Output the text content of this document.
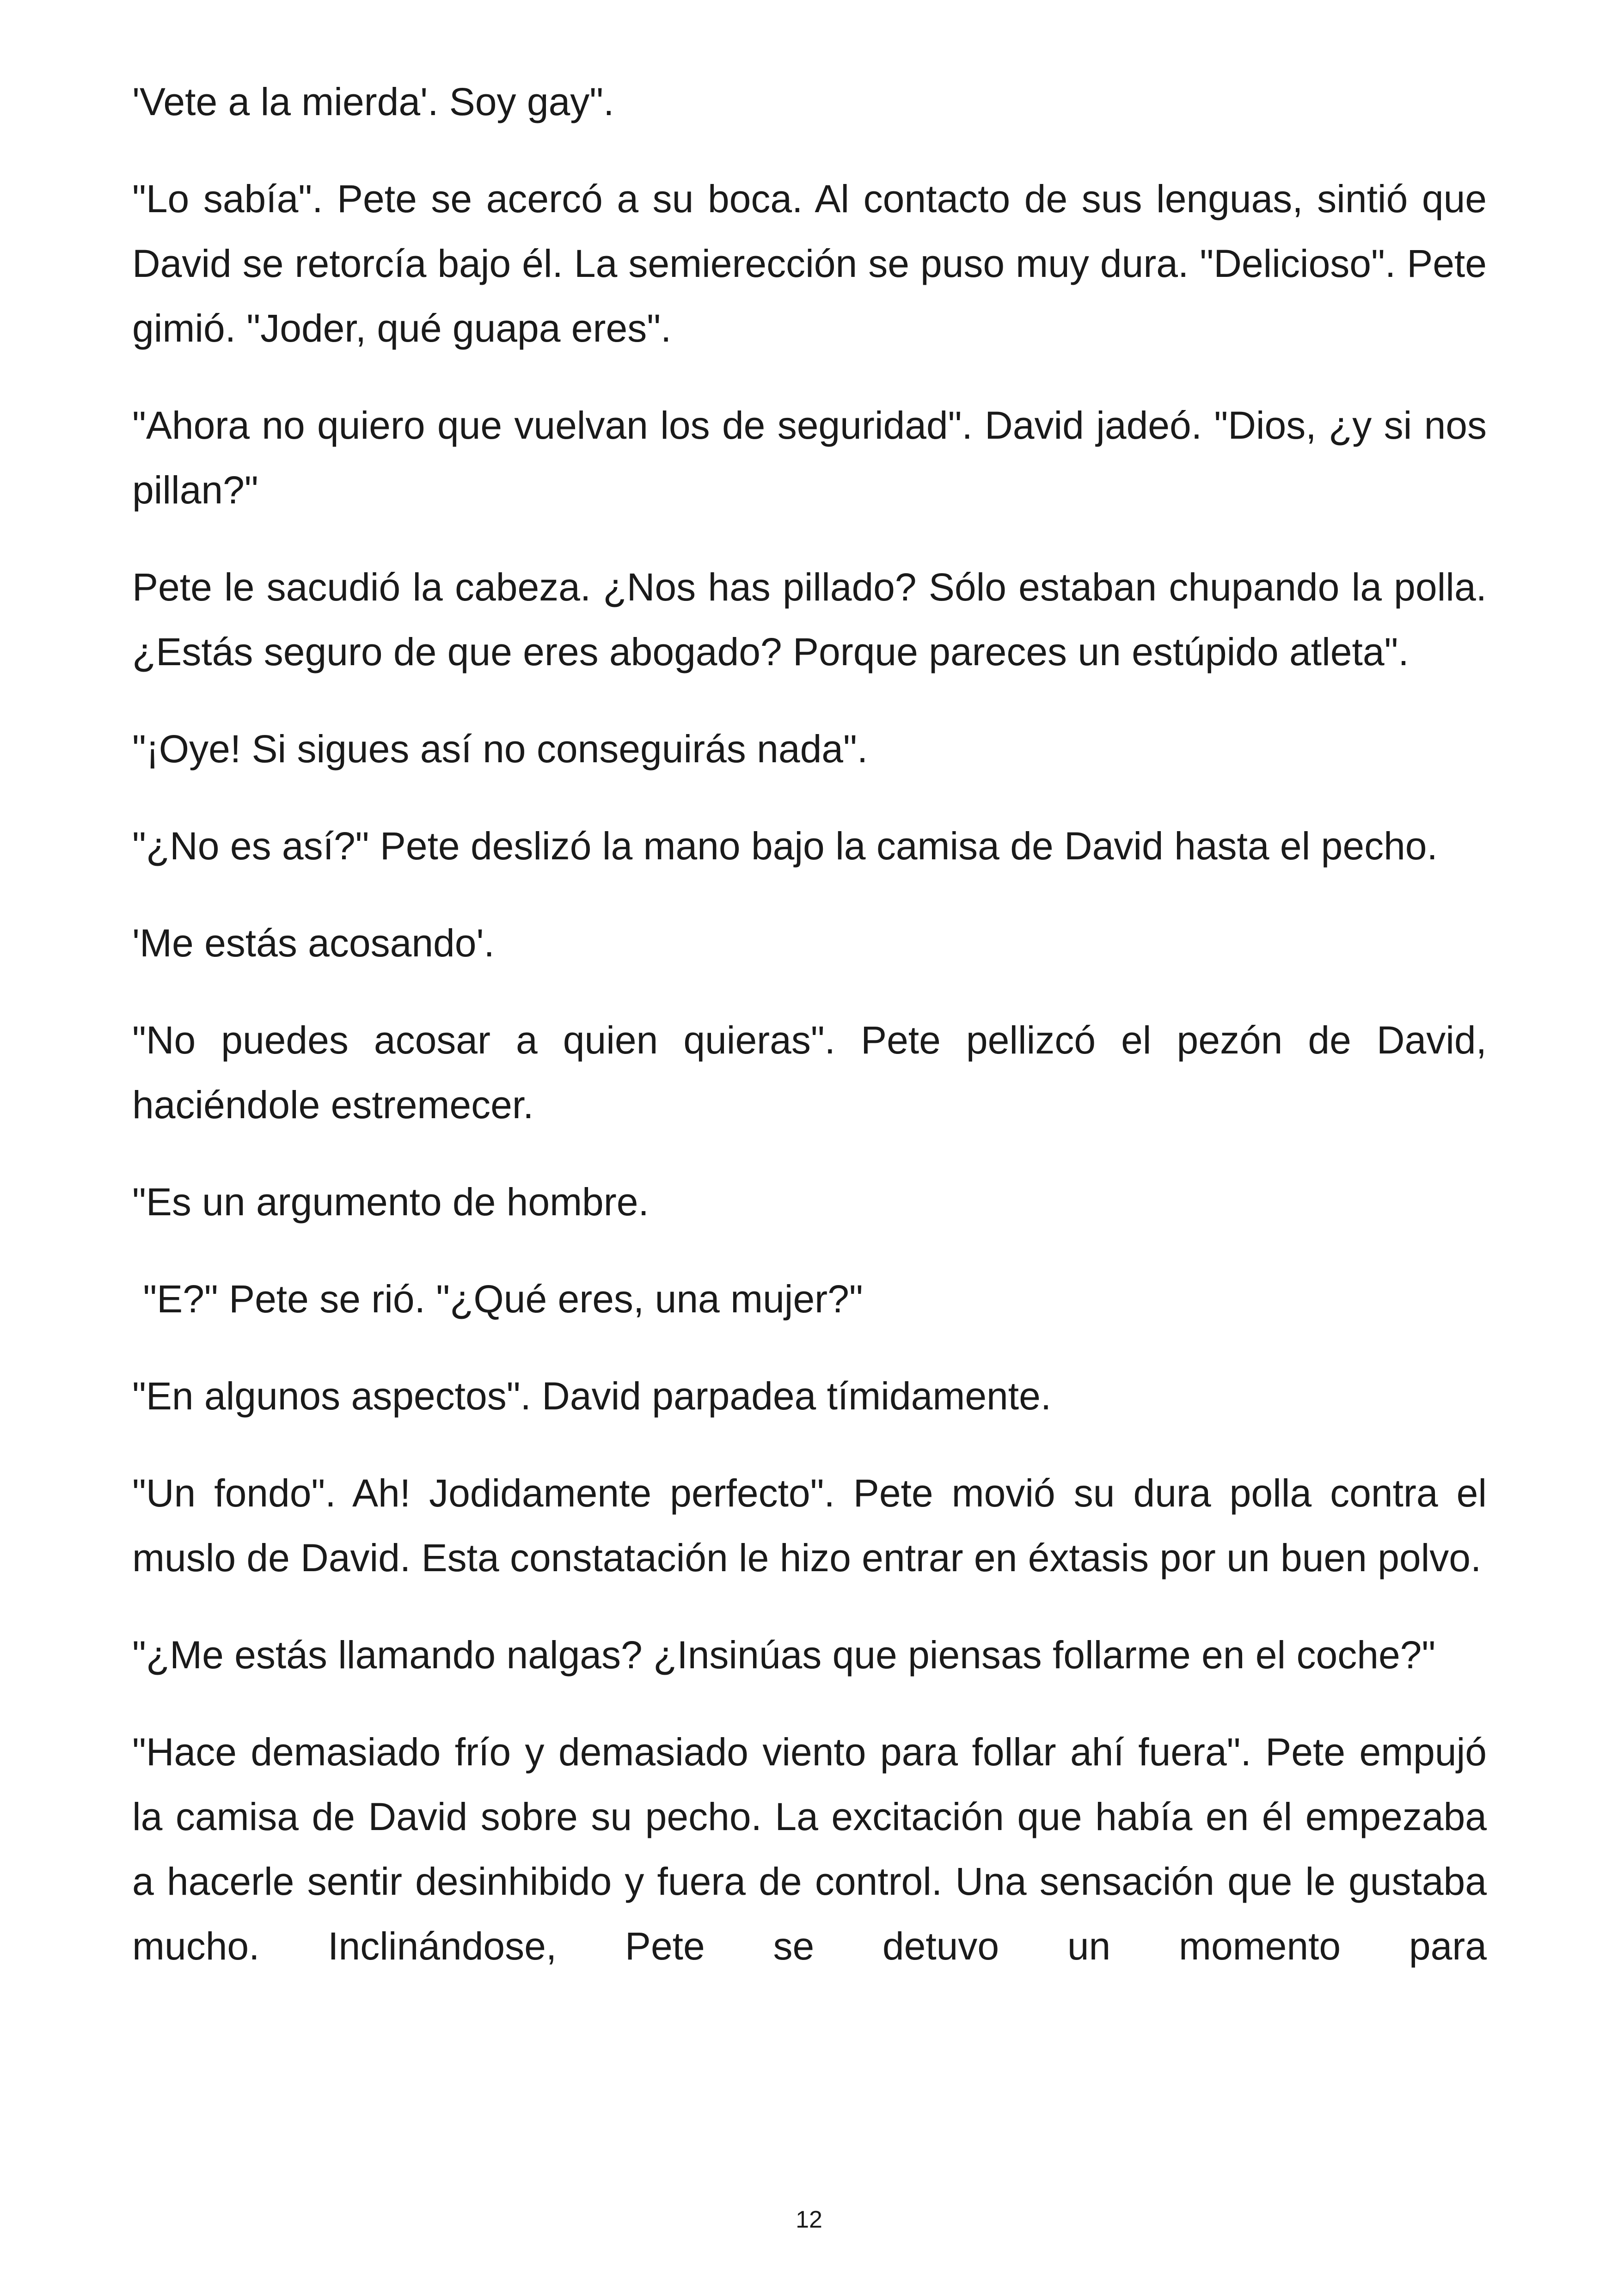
'Vete a la mierda'. Soy gay".

"Lo sabía". Pete se acercó a su boca. Al contacto de sus lenguas, sintió que David se retorcía bajo él. La semierección se puso muy dura. "Delicioso". Pete gimió. "Joder, qué guapa eres".

"Ahora no quiero que vuelvan los de seguridad". David jadeó. "Dios, ¿y si nos pillan?"

Pete le sacudió la cabeza. ¿Nos has pillado? Sólo estaban chupando la polla. ¿Estás seguro de que eres abogado? Porque pareces un estúpido atleta".

"¡Oye! Si sigues así no conseguirás nada".

"¿No es así?" Pete deslizó la mano bajo la camisa de David hasta el pecho.

'Me estás acosando'.

"No puedes acosar a quien quieras". Pete pellizcó el pezón de David, haciéndole estremecer.

"Es un argumento de hombre.

"E?" Pete se rió. "¿Qué eres, una mujer?"

"En algunos aspectos". David parpadea tímidamente.

"Un fondo". Ah! Jodidamente perfecto". Pete movió su dura polla contra el muslo de David. Esta constatación le hizo entrar en éxtasis por un buen polvo.

"¿Me estás llamando nalgas? ¿Insinúas que piensas follarme en el coche?"

"Hace demasiado frío y demasiado viento para follar ahí fuera". Pete empujó la camisa de David sobre su pecho. La excitación que había en él empezaba a hacerle sentir desinhibido y fuera de control. Una sensación que le gustaba mucho. Inclinándose, Pete se detuvo un momento para

12
